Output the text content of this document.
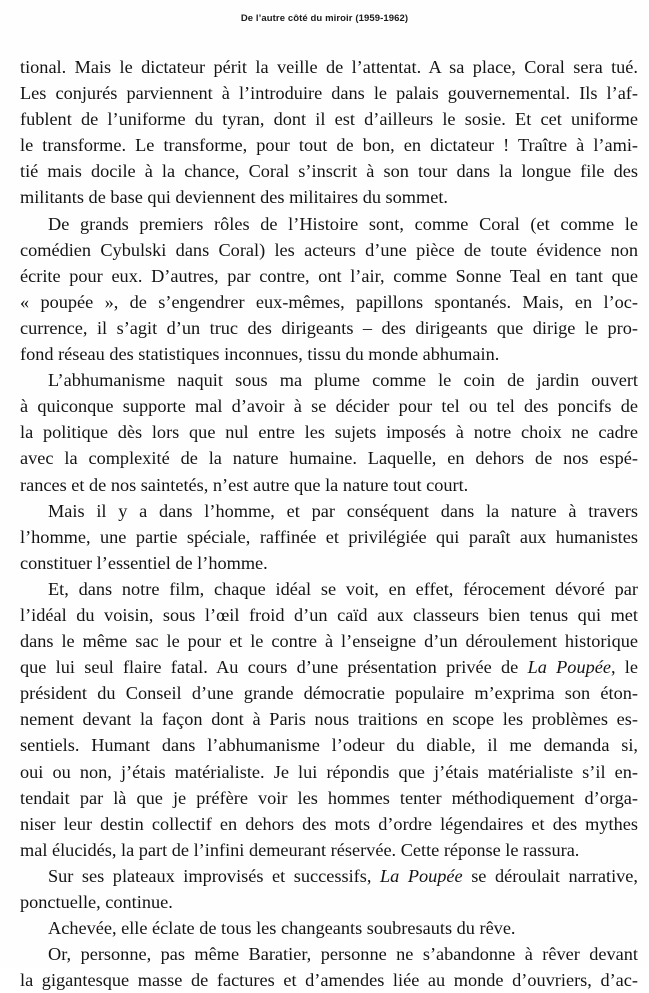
De l’autre côté du miroir (1959-1962)

tional. Mais le dictateur périt la veille de l’attentat. A sa place, Coral sera tué.
Les conjurés parviennent à l’introduire dans le palais gouvernemental. Ils l’af-
fublent de l’uniforme du tyran, dont il est d’ailleurs le sosie. Et cet uniforme
le transforme. Le transforme, pour tout de bon, en dictateur ! Traître à l’ami-
tié mais docile à la chance, Coral s’inscrit à son tour dans la longue file des
militants de base qui deviennent des militaires du sommet.

De grands premiers rôles de l’Histoire sont, comme Coral (et comme le
comédien Cybulski dans Coral) les acteurs d’une pièce de toute évidence non
écrite pour eux. D’autres, par contre, ont l’air, comme Sonne Teal en tant que
« poupée », de s’engendrer eux-mêmes, papillons spontanés. Mais, en l’oc-
currence, il s’agit d’un truc des dirigeants – des dirigeants que dirige le pro-
fond réseau des statistiques inconnues, tissu du monde abhumain.

L’abhumanisme naquit sous ma plume comme le coin de jardin ouvert
à quiconque supporte mal d’avoir à se décider pour tel ou tel des poncifs de
la politique dès lors que nul entre les sujets imposés à notre choix ne cadre
avec la complexité de la nature humaine. Laquelle, en dehors de nos espé-
rances et de nos saintetés, n’est autre que la nature tout court.

Mais il y a dans l’homme, et par conséquent dans la nature à travers
l’homme, une partie spéciale, raffinée et privilégiée qui paraît aux humanistes
constituer l’essentiel de l’homme.

Et, dans notre film, chaque idéal se voit, en effet, férocement dévoré par
l’idéal du voisin, sous l’œil froid d’un caïd aux classeurs bien tenus qui met
dans le même sac le pour et le contre à l’enseigne d’un déroulement historique
que lui seul flaire fatal. Au cours d’une présentation privée de La Poupée, le
président du Conseil d’une grande démocratie populaire m’exprima son éton-
nement devant la façon dont à Paris nous traitions en scope les problèmes es-
sentiels. Humant dans l’abhumanisme l’odeur du diable, il me demanda si,
oui ou non, j’étais matérialiste. Je lui répondis que j’étais matérialiste s’il en-
tendait par là que je préfère voir les hommes tenter méthodiquement d’orga-
niser leur destin collectif en dehors des mots d’ordre légendaires et des mythes
mal élucidés, la part de l’infini demeurant réservée. Cette réponse le rassura.

Sur ses plateaux improvisés et successifs, La Poupée se déroulait narrative,
ponctuelle, continue.

Achevée, elle éclate de tous les changeants soubresauts du rêve.

Or, personne, pas même Baratier, personne ne s’abandonne à rêver devant
la gigantesque masse de factures et d’amendes liée au monde d’ouvriers, d’ac-
